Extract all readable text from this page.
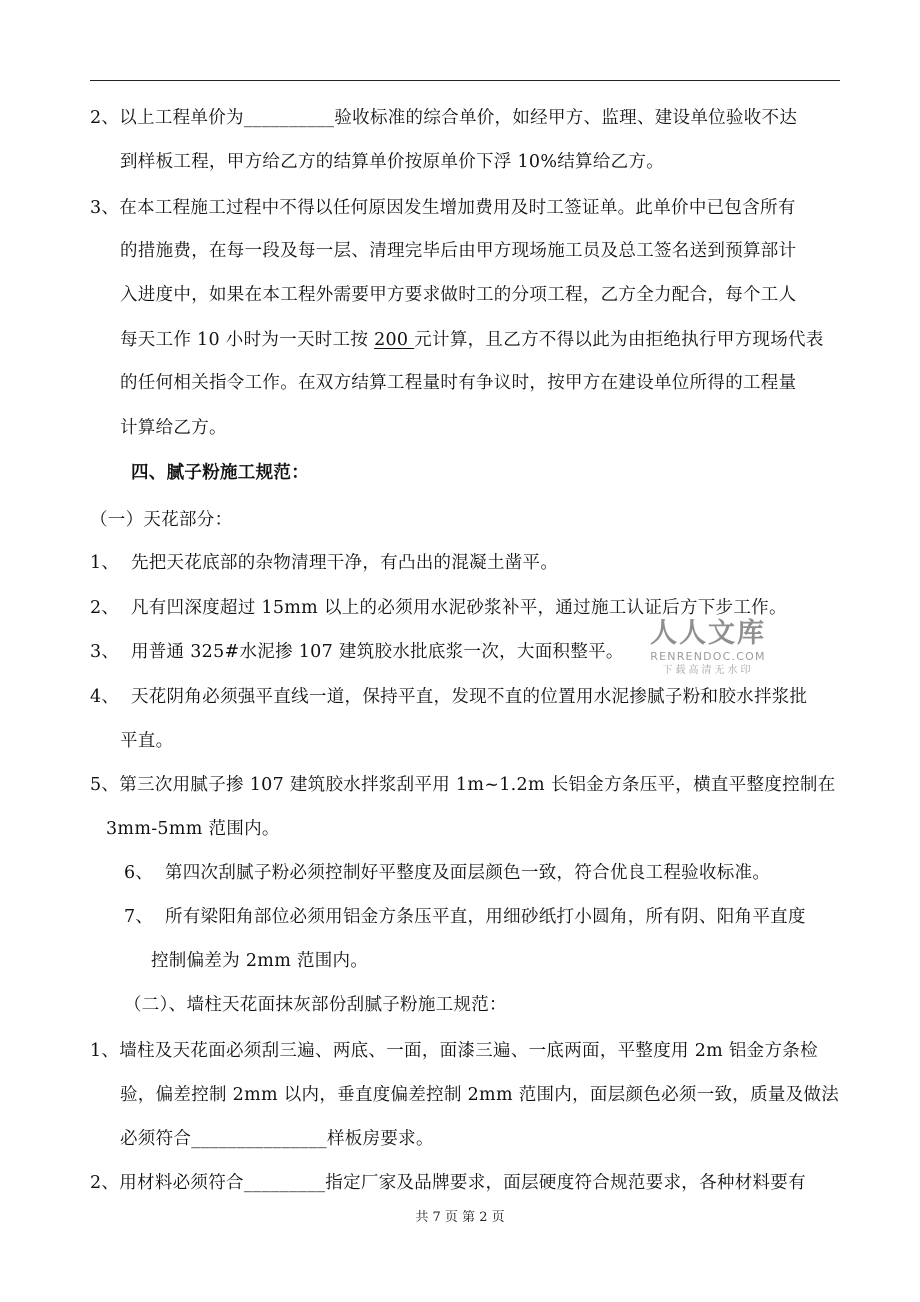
2、以上工程单价为__________验收标准的综合单价，如经甲方、监理、建设单位验收不达
到样板工程，甲方给乙方的结算单价按原单价下浮 10%结算给乙方。
3、在本工程施工过程中不得以任何原因发生增加费用及时工签证单。此单价中已包含所有
的措施费，在每一段及每一层、清理完毕后由甲方现场施工员及总工签名送到预算部计
入进度中，如果在本工程外需要甲方要求做时工的分项工程，乙方全力配合，每个工人
每天工作 10 小时为一天时工按 200 元计算，且乙方不得以此为由拒绝执行甲方现场代表
的任何相关指令工作。在双方结算工程量时有争议时，按甲方在建设单位所得的工程量
计算给乙方。
四、腻子粉施工规范：
（一）天花部分：
1、  先把天花底部的杂物清理干净，有凸出的混凝土凿平。
2、  凡有凹深度超过 15mm 以上的必须用水泥砂浆补平，通过施工认证后方下步工作。
3、  用普通 325#水泥掺 107 建筑胶水批底浆一次，大面积整平。
4、  天花阴角必须强平直线一道，保持平直，发现不直的位置用水泥掺腻子粉和胶水拌浆批
平直。
5、第三次用腻子掺 107 建筑胶水拌浆刮平用 1m~1.2m 长铝金方条压平，横直平整度控制在
3mm-5mm 范围内。
6、  第四次刮腻子粉必须控制好平整度及面层颜色一致，符合优良工程验收标准。
7、  所有梁阳角部位必须用铝金方条压平直，用细砂纸打小圆角，所有阴、阳角平直度
控制偏差为 2mm 范围内。
（二）、墙柱天花面抹灰部份刮腻子粉施工规范：
1、墙柱及天花面必须刮三遍、两底、一面，面漆三遍、一底两面，平整度用 2m 铝金方条检
验，偏差控制 2mm 以内，垂直度偏差控制 2mm 范围内，面层颜色必须一致，质量及做法
必须符合_______________样板房要求。
2、用材料必须符合_________指定厂家及品牌要求，面层硬度符合规范要求，各种材料要有
人人文库
RENRENDOC.COM
下载高清无水印
共 7 页 第 2 页
